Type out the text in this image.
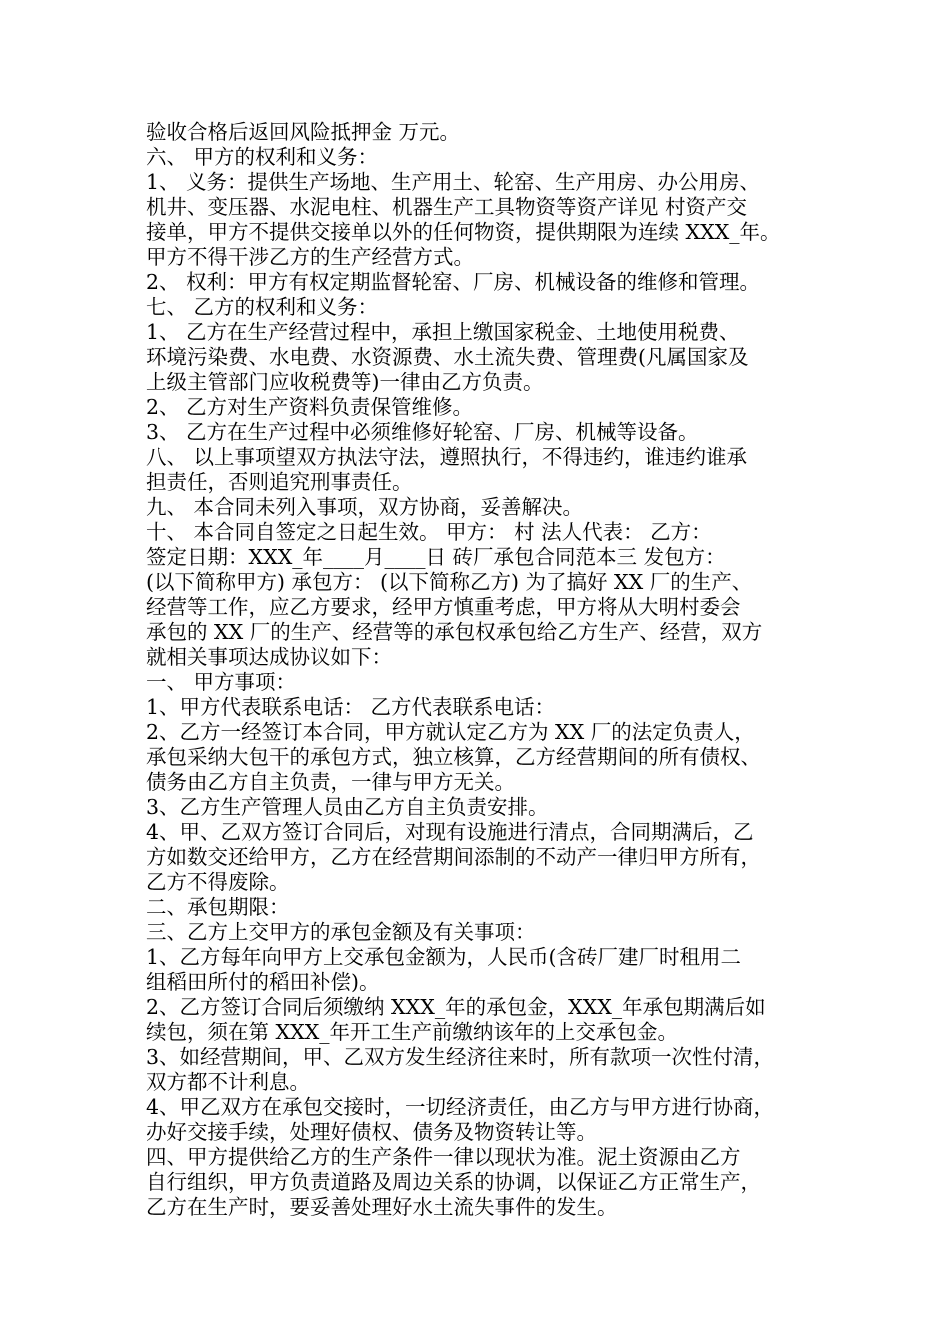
验收合格后返回风险抵押金 万元。
六、 甲方的权利和义务：
1、 义务：提供生产场地、生产用土、轮窑、生产用房、办公用房、
机井、变压器、水泥电柱、机器生产工具物资等资产详见 村资产交
接单，甲方不提供交接单以外的任何物资，提供期限为连续 XXX_年。
甲方不得干涉乙方的生产经营方式。
2、 权利：甲方有权定期监督轮窑、厂房、机械设备的维修和管理。
七、 乙方的权利和义务：
1、 乙方在生产经营过程中，承担上缴国家税金、土地使用税费、
环境污染费、水电费、水资源费、水土流失费、管理费(凡属国家及
上级主管部门应收税费等)一律由乙方负责。
2、 乙方对生产资料负责保管维修。
3、 乙方在生产过程中必须维修好轮窑、厂房、机械等设备。
八、 以上事项望双方执法守法，遵照执行，不得违约，谁违约谁承
担责任，否则追究刑事责任。
九、 本合同未列入事项，双方协商，妥善解决。
十、 本合同自签定之日起生效。 甲方： 村 法人代表： 乙方：
签定日期：XXX_年____月____日 砖厂承包合同范本三 发包方：
(以下简称甲方) 承包方： (以下简称乙方) 为了搞好 XX 厂的生产、
经营等工作，应乙方要求，经甲方慎重考虑，甲方将从大明村委会
承包的 XX 厂的生产、经营等的承包权承包给乙方生产、经营，双方
就相关事项达成协议如下：
一、 甲方事项：
1、甲方代表联系电话： 乙方代表联系电话：
2、乙方一经签订本合同，甲方就认定乙方为 XX 厂的法定负责人，
承包采纳大包干的承包方式，独立核算，乙方经营期间的所有债权、
债务由乙方自主负责，一律与甲方无关。
3、乙方生产管理人员由乙方自主负责安排。
4、甲、乙双方签订合同后，对现有设施进行清点，合同期满后，乙
方如数交还给甲方，乙方在经营期间添制的不动产一律归甲方所有，
乙方不得废除。
二、承包期限：
三、乙方上交甲方的承包金额及有关事项：
1、乙方每年向甲方上交承包金额为，人民币(含砖厂建厂时租用二
组稻田所付的稻田补偿)。
2、乙方签订合同后须缴纳 XXX_年的承包金，XXX_年承包期满后如
续包，须在第 XXX_年开工生产前缴纳该年的上交承包金。
3、如经营期间，甲、乙双方发生经济往来时，所有款项一次性付清，
双方都不计利息。
4、甲乙双方在承包交接时，一切经济责任，由乙方与甲方进行协商，
办好交接手续，处理好债权、债务及物资转让等。
四、甲方提供给乙方的生产条件一律以现状为准。泥土资源由乙方
自行组织，甲方负责道路及周边关系的协调，以保证乙方正常生产，
乙方在生产时，要妥善处理好水土流失事件的发生。
